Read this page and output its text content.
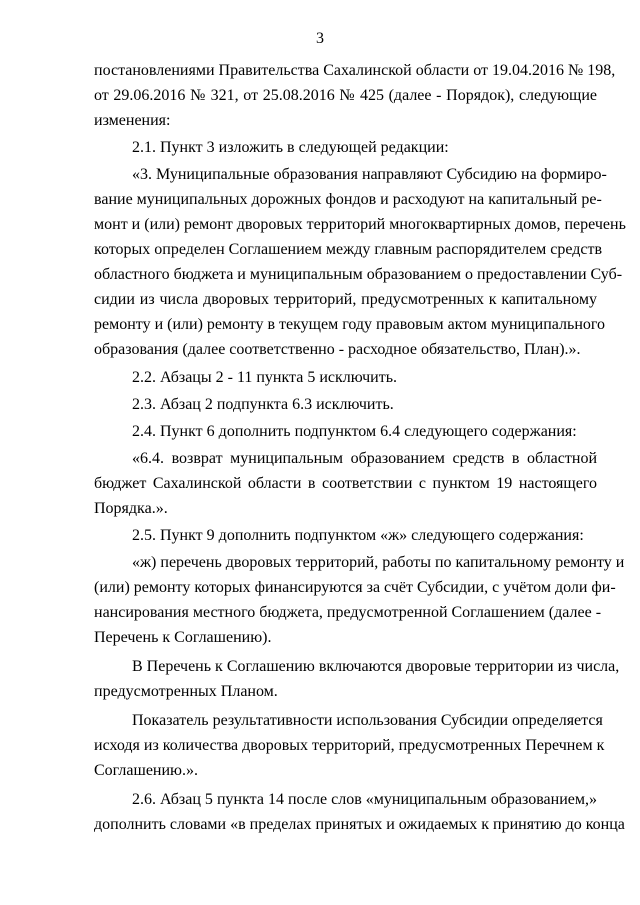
3
постановлениями Правительства Сахалинской области от 19.04.2016 № 198,
от 29.06.2016 № 321, от 25.08.2016 № 425 (далее - Порядок), следующие
изменения:
2.1. Пункт 3 изложить в следующей редакции:
«3. Муниципальные образования направляют Субсидию на формиро-
вание муниципальных дорожных фондов и расходуют на капитальный ре-
монт и (или) ремонт дворовых территорий многоквартирных домов, перечень
которых определен Соглашением между главным распорядителем средств
областного бюджета и муниципальным образованием о предоставлении Суб-
сидии из числа дворовых территорий, предусмотренных к капитальному
ремонту и (или) ремонту в текущем году правовым актом муниципального
образования (далее соответственно - расходное обязательство, План).».
2.2. Абзацы 2 - 11 пункта 5 исключить.
2.3. Абзац 2 подпункта 6.3 исключить.
2.4. Пункт 6 дополнить подпунктом 6.4 следующего содержания:
«6.4. возврат муниципальным образованием средств в областной
бюджет Сахалинской области в соответствии с пунктом 19 настоящего
Порядка.».
2.5. Пункт 9 дополнить подпунктом «ж» следующего содержания:
«ж) перечень дворовых территорий, работы по капитальному ремонту и
(или) ремонту которых финансируются за счёт Субсидии, с учётом доли фи-
нансирования местного бюджета, предусмотренной Соглашением (далее -
Перечень к Соглашению).
В Перечень к Соглашению включаются дворовые территории из числа,
предусмотренных Планом.
Показатель результативности использования Субсидии определяется
исходя из количества дворовых территорий, предусмотренных Перечнем к
Соглашению.».
2.6. Абзац 5 пункта 14 после слов «муниципальным образованием,»
дополнить словами «в пределах принятых и ожидаемых к принятию до конца
